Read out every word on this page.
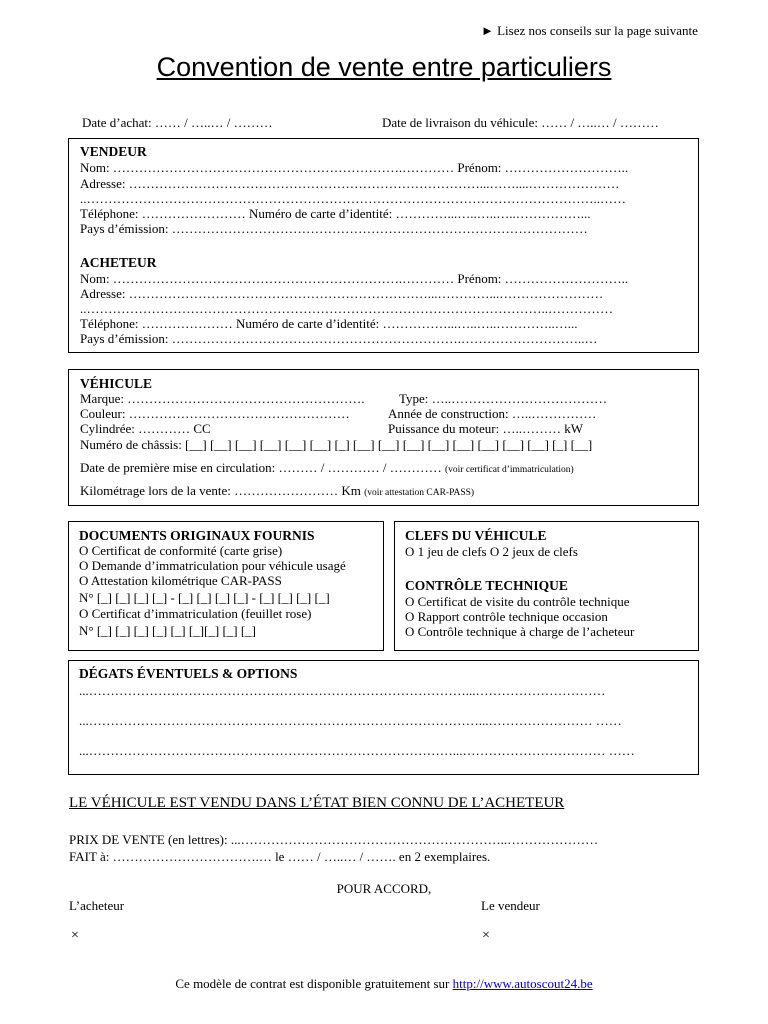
► Lisez nos conseils sur la page suivante
Convention de vente entre particuliers
Date d’achat: …… / …..… / ………	Date de livraison du véhicule: …… / …..… / ………
VENDEUR
Nom: ………………………………………………………….………… Prénom: ………………………..
Adresse: ………………………………………………………………………...……....…………………
..………………………………………………………………………………………………………..……
Téléphone: …………………… Numéro de carte d’identité: …………...…..…..…..……………...
Pays d’émission: ……………………………………………………………………………………
ACHETEUR
Nom: ………………………………………………………….………… Prénom: ………………………..
Adresse: ……………………………………………………………...…………...……………………
..……………………………………………………………………………………………..……………
Téléphone: ………………… Numéro de carte d’identité: ……………...…..…..…………..…...
Pays d’émission: ………………………………………………………….………………………..…
VÉHICULE
Marque: ……………………………………………….	Type: …..………………………………
Couleur: ……………………………………………	Année de construction: …..……………
Cylindrée: ………… CC	Puissance du moteur: …..……… kW
Numéro de châssis: [__] [__] [__] [__] [__] [__] [_] [__] [__] [__] [__] [__] [__] [__] [__] [_] [__]
Date de première mise en circulation: ……… / ………… / ………… (voir certificat d’immatriculation)
Kilométrage lors de la vente: …………………… Km (voir attestation CAR-PASS)
DOCUMENTS ORIGINAUX FOURNIS
O Certificat de conformité (carte grise)
O Demande d’immatriculation pour véhicule usagé
O Attestation kilométrique CAR-PASS
N° [_] [_] [_] [_] - [_] [_] [_] [_] - [_] [_] [_] [_]
O Certificat d’immatriculation (feuillet rose)
N° [_] [_] [_] [_] [_] [_][_] [_] [_]
CLEFS DU VÉHICULE
O 1 jeu de clefs O 2 jeux de clefs
CONTRÔLE TECHNIQUE
O Certificat de visite du contrôle technique
O Rapport contrôle technique occasion
O Contrôle technique à charge de l’acheteur
DÉGATS ÉVENTUELS & OPTIONS
...……………………………………………………………………………...…………………………
...………………………………………………………………………………...…………………… ……
...…………………………………………………………………………...…………………………… ……
LE VÉHICULE EST VENDU DANS L’ÉTAT BIEN CONNU DE L’ACHETEUR
PRIX DE VENTE (en lettres): ...……………………………………………………..…………………
FAIT à: …………………………….… le …… / …..… / ……. en 2 exemplaires.
POUR ACCORD,
L’acheteur	Le vendeur
×	×
Ce modèle de contrat est disponible gratuitement sur http://www.autoscout24.be
